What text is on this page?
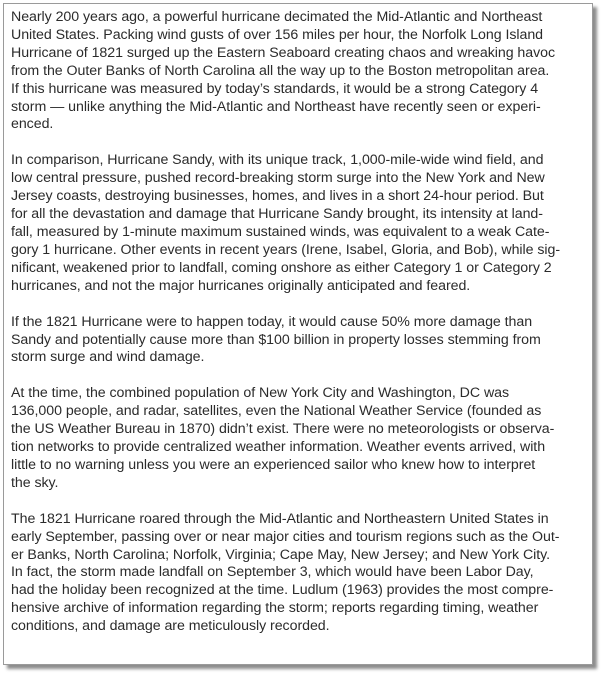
Nearly 200 years ago, a powerful hurricane decimated the Mid-Atlantic and Northeast
United States. Packing wind gusts of over 156 miles per hour, the Norfolk Long Island
Hurricane of 1821 surged up the Eastern Seaboard creating chaos and wreaking havoc
from the Outer Banks of North Carolina all the way up to the Boston metropolitan area.
If this hurricane was measured by today’s standards, it would be a strong Category 4
storm — unlike anything the Mid-Atlantic and Northeast have recently seen or experi-
enced.
In comparison, Hurricane Sandy, with its unique track, 1,000-mile-wide wind field, and
low central pressure, pushed record-breaking storm surge into the New York and New
Jersey coasts, destroying businesses, homes, and lives in a short 24-hour period. But
for all the devastation and damage that Hurricane Sandy brought, its intensity at land-
fall, measured by 1-minute maximum sustained winds, was equivalent to a weak Cate-
gory 1 hurricane. Other events in recent years (Irene, Isabel, Gloria, and Bob), while sig-
nificant, weakened prior to landfall, coming onshore as either Category 1 or Category 2
hurricanes, and not the major hurricanes originally anticipated and feared.
If the 1821 Hurricane were to happen today, it would cause 50% more damage than
Sandy and potentially cause more than $100 billion in property losses stemming from
storm surge and wind damage.
At the time, the combined population of New York City and Washington, DC was
136,000 people, and radar, satellites, even the National Weather Service (founded as
the US Weather Bureau in 1870) didn’t exist. There were no meteorologists or observa-
tion networks to provide centralized weather information. Weather events arrived, with
little to no warning unless you were an experienced sailor who knew how to interpret
the sky.
The 1821 Hurricane roared through the Mid-Atlantic and Northeastern United States in
early September, passing over or near major cities and tourism regions such as the Out-
er Banks, North Carolina; Norfolk, Virginia; Cape May, New Jersey; and New York City.
In fact, the storm made landfall on September 3, which would have been Labor Day,
had the holiday been recognized at the time. Ludlum (1963) provides the most compre-
hensive archive of information regarding the storm; reports regarding timing, weather
conditions, and damage are meticulously recorded.
